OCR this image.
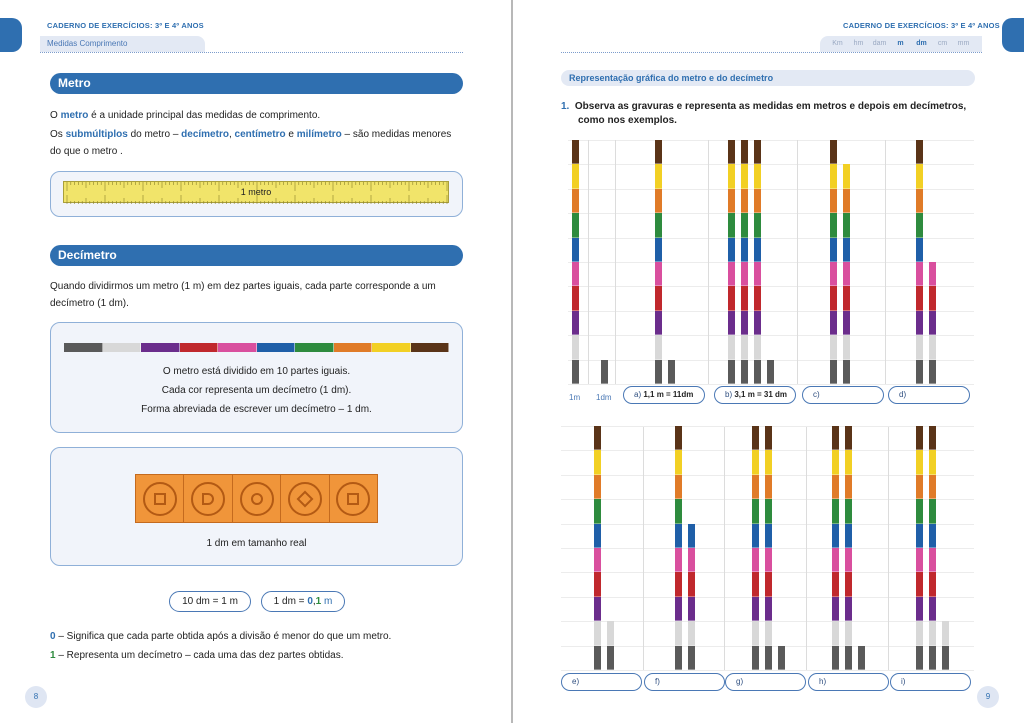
CADERNO DE EXERCÍCIOS: 3º E 4º ANOS
Medidas Comprimento
Metro
O metro é a unidade principal das medidas de comprimento.
Os submúltiplos do metro – decímetro, centímetro e milímetro – são medidas menores
do que o metro .
1 metro
Decímetro
Quando dividirmos um metro (1 m) em dez partes iguais, cada parte corresponde a um
decímetro (1 dm).
O metro está dividido em 10 partes iguais.
Cada cor representa um decímetro (1 dm).
Forma abreviada de escrever um decímetro – 1 dm.
1 dm em tamanho real
10 dm = 1 m	1 dm = 0,1 m
0 – Significa que cada parte obtida após a divisão é menor do que um metro.
1 – Representa um decímetro – cada uma das dez partes obtidas.
8
CADERNO DE EXERCÍCIOS: 3º E 4º ANOS
Km	hm	dam	m	dm	cm	mm
Representação gráfica do metro e do decímetro
1. Observa as gravuras e representa as medidas em metros e depois em decímetros,
como nos exemplos.
1m 1dm	a) 1,1 m = 11dm	b) 3,1 m = 31 dm	c)	d)
e)	f)	g)	h)	i)
9
